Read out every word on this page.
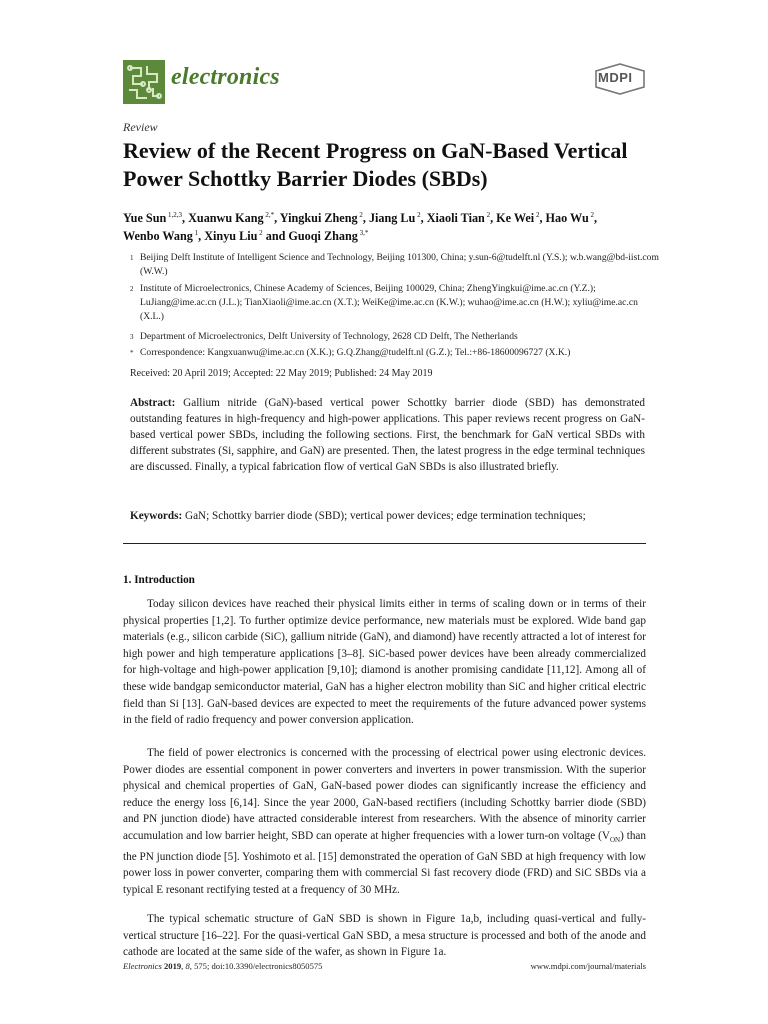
electronics	MDPI
Review
Review of the Recent Progress on GaN-Based Vertical Power Schottky Barrier Diodes (SBDs)
Yue Sun $^{1,2,3}$, Xuanwu Kang $^{2,*}$, Yingkui Zheng $^2$, Jiang Lu $^2$, Xiaoli Tian $^2$, Ke Wei $^2$, Hao Wu $^2$,
Wenbo Wang $^1$, Xinyu Liu $^2$ and Guoqi Zhang $^{3,*}$
1 Beijing Delft Institute of Intelligent Science and Technology, Beijing 101300, China; y.sun-6@tudelft.nl (Y.S.); w.b.wang@bd-iist.com (W.W.)
2 Institute of Microelectronics, Chinese Academy of Sciences, Beijing 100029, China; ZhengYingkui@ime.ac.cn (Y.Z.); LuJiang@ime.ac.cn (J.L.); TianXiaoli@ime.ac.cn (X.T.); WeiKe@ime.ac.cn (K.W.); wuhao@ime.ac.cn (H.W.); xyliu@ime.ac.cn (X.L.)
3 Department of Microelectronics, Delft University of Technology, 2628 CD Delft, The Netherlands
* Correspondence: Kangxuanwu@ime.ac.cn (X.K.); G.Q.Zhang@tudelft.nl (G.Z.); Tel.:+86-18600096727 (X.K.)
Received: 20 April 2019; Accepted: 22 May 2019; Published: 24 May 2019

Abstract: Gallium nitride (GaN)-based vertical power Schottky barrier diode (SBD) has demonstrated outstanding features in high-frequency and high-power applications. This paper reviews recent progress on GaN-based vertical power SBDs, including the following sections. First, the benchmark for GaN vertical SBDs with different substrates (Si, sapphire, and GaN) are presented. Then, the latest progress in the edge terminal techniques are discussed. Finally, a typical fabrication flow of vertical GaN SBDs is also illustrated briefly.

Keywords: GaN; Schottky barrier diode (SBD); vertical power devices; edge termination techniques;

1. Introduction

Today silicon devices have reached their physical limits either in terms of scaling down or in terms of their physical properties [1,2]. To further optimize device performance, new materials must be explored. Wide band gap materials (e.g., silicon carbide (SiC), gallium nitride (GaN), and diamond) have recently attracted a lot of interest for high power and high temperature applications [3–8]. SiC-based power devices have been already commercialized for high-voltage and high-power application [9,10]; diamond is another promising candidate [11,12]. Among all of these wide bandgap semiconductor material, GaN has a higher electron mobility than SiC and higher critical electric field than Si [13]. GaN-based devices are expected to meet the requirements of the future advanced power systems in the field of radio frequency and power conversion application.

The field of power electronics is concerned with the processing of electrical power using electronic devices. Power diodes are essential component in power converters and inverters in power transmission. With the superior physical and chemical properties of GaN, GaN-based power diodes can significantly increase the efficiency and reduce the energy loss [6,14]. Since the year 2000, GaN-based rectifiers (including Schottky barrier diode (SBD) and PN junction diode) have attracted considerable interest from researchers. With the absence of minority carrier accumulation and low barrier height, SBD can operate at higher frequencies with a lower turn-on voltage $(V_{ON})$ than the PN junction diode [5]. Yoshimoto et al. [15] demonstrated the operation of GaN SBD at high frequency with low power loss in power converter, comparing them with commercial Si fast recovery diode (FRD) and SiC SBDs via a typical E resonant rectifying tested at a frequency of 30 MHz.

The typical schematic structure of GaN SBD is shown in Figure 1a,b, including quasi-vertical and fully-vertical structure [16–22]. For the quasi-vertical GaN SBD, a mesa structure is processed and both of the anode and cathode are located at the same side of the wafer, as shown in Figure 1a.

Electronics 2019, 8, 575; doi:10.3390/electronics8050575	www.mdpi.com/journal/materials
